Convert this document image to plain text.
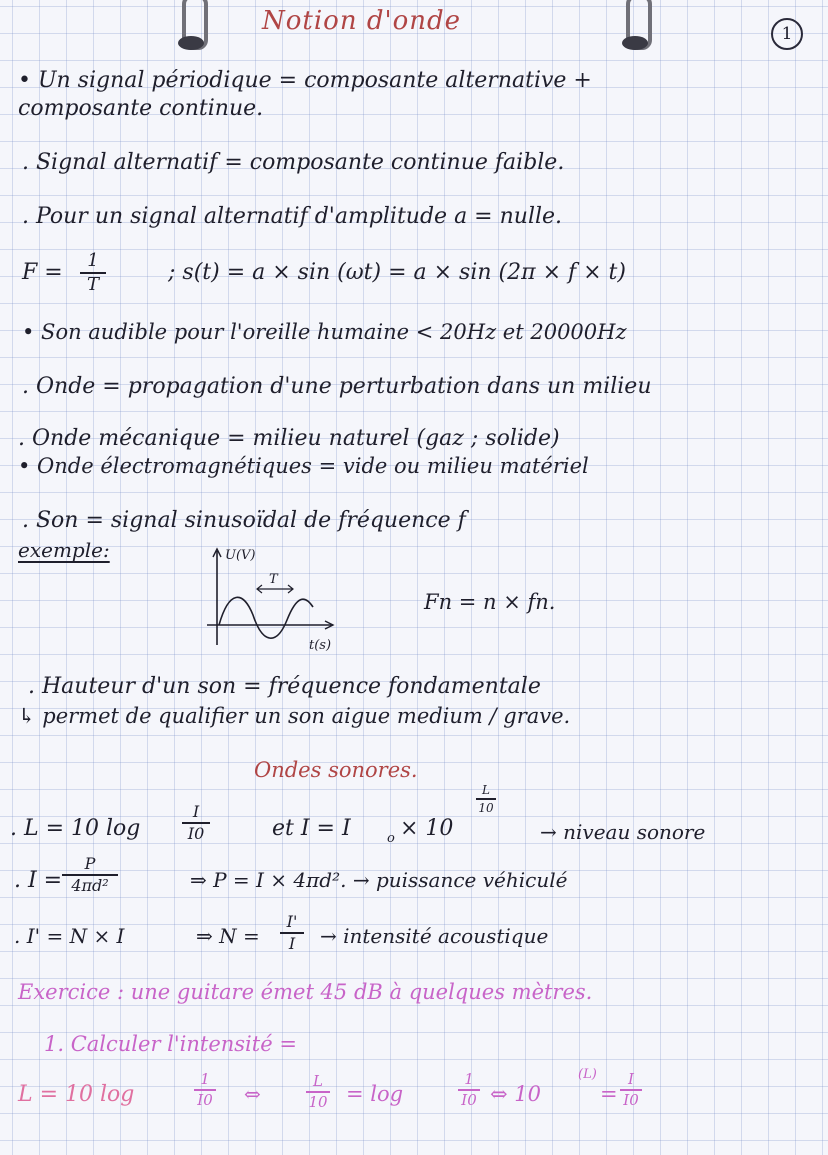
Notion d'onde	1
• Un signal périodique = composante alternative +
composante continue.
. Signal alternatif = composante continue faible.
. Pour un signal alternatif d'amplitude a = nulle.
F =	1
T	; s(t) = a × sin (ωt) = a × sin (2π × f × t)
• Son audible pour l'oreille humaine < 20Hz et 20000Hz
. Onde = propagation d'une perturbation dans un milieu
. Onde mécanique = milieu naturel (gaz ; solide)
• Onde électromagnétiques = vide ou milieu matériel
. Son = signal sinusoïdal de fréquence f
exemple:	U(V)
T
t(s)
Fn = n × fn.
. Hauteur d'un son = fréquence fondamentale
↳ permet de qualifier un son aigue medium / grave.
Ondes sonores.
. L = 10 log
I
I0	et I = I	o × 10
L
10
→ niveau sonore
. I =
P
4πd²	⇒ P = I × 4πd². → puissance véhiculé
. I' = N × I	⇒ N =
I'
I	→ intensité acoustique
Exercice : une guitare émet 45 dB à quelques mètres.
1. Calculer l'intensité =
L = 10 log
1
I0 ⇔
L
10 = log
1
I0 ⇔ 10
(L)
=
I
I0
